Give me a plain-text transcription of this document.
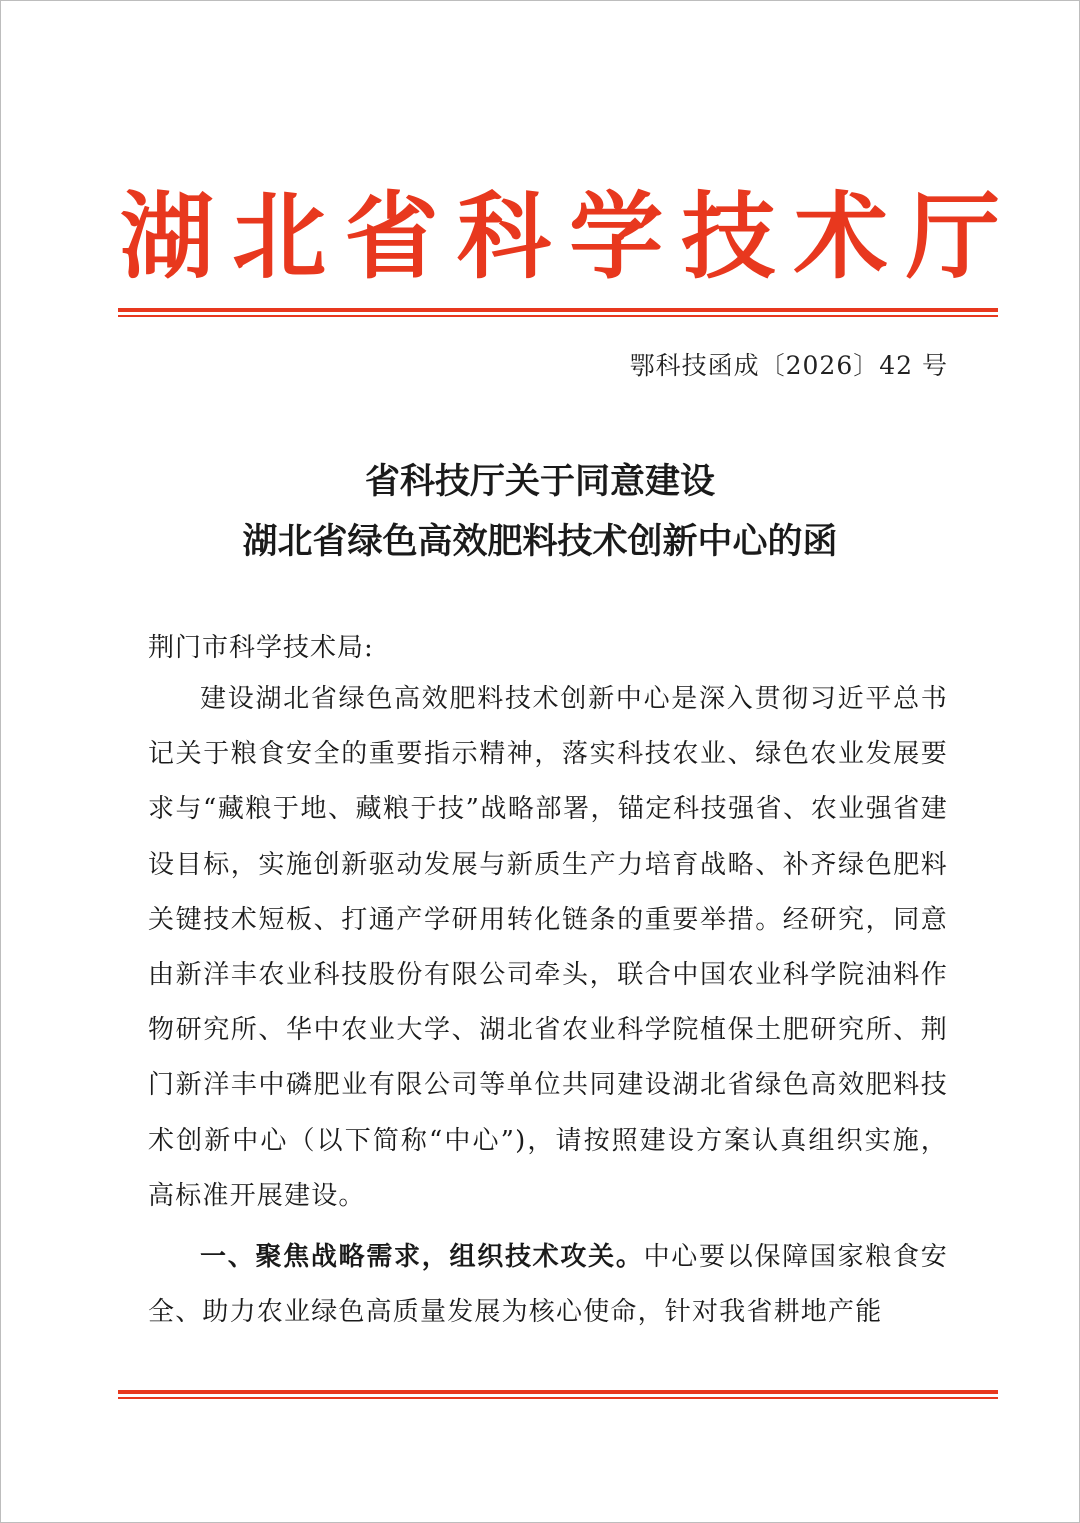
湖 北 省 科 学 技 术 厅
鄂科技函成〔2026〕42 号
省科技厅关于同意建设
湖北省绿色高效肥料技术创新中心的函
荆门市科学技术局:

建设湖北省绿色高效肥料技术创新中心是深入贯彻习近平总书记关于粮食安全的重要指示精神，落实科技农业、绿色农业发展要求与“藏粮于地、藏粮于技”战略部署，锚定科技强省、农业强省建设目标，实施创新驱动发展与新质生产力培育战略、补齐绿色肥料关键技术短板、打通产学研用转化链条的重要举措。经研究，同意由新洋丰农业科技股份有限公司牵头，联合中国农业科学院油料作物研究所、华中农业大学、湖北省农业科学院植保土肥研究所、荆门新洋丰中磷肥业有限公司等单位共同建设湖北省绿色高效肥料技术创新中心（以下简称“中心”)，请按照建设方案认真组织实施，高标准开展建设。

一、聚焦战略需求，组织技术攻关。中心要以保障国家粮食安全、助力农业绿色高质量发展为核心使命，针对我省耕地产能
